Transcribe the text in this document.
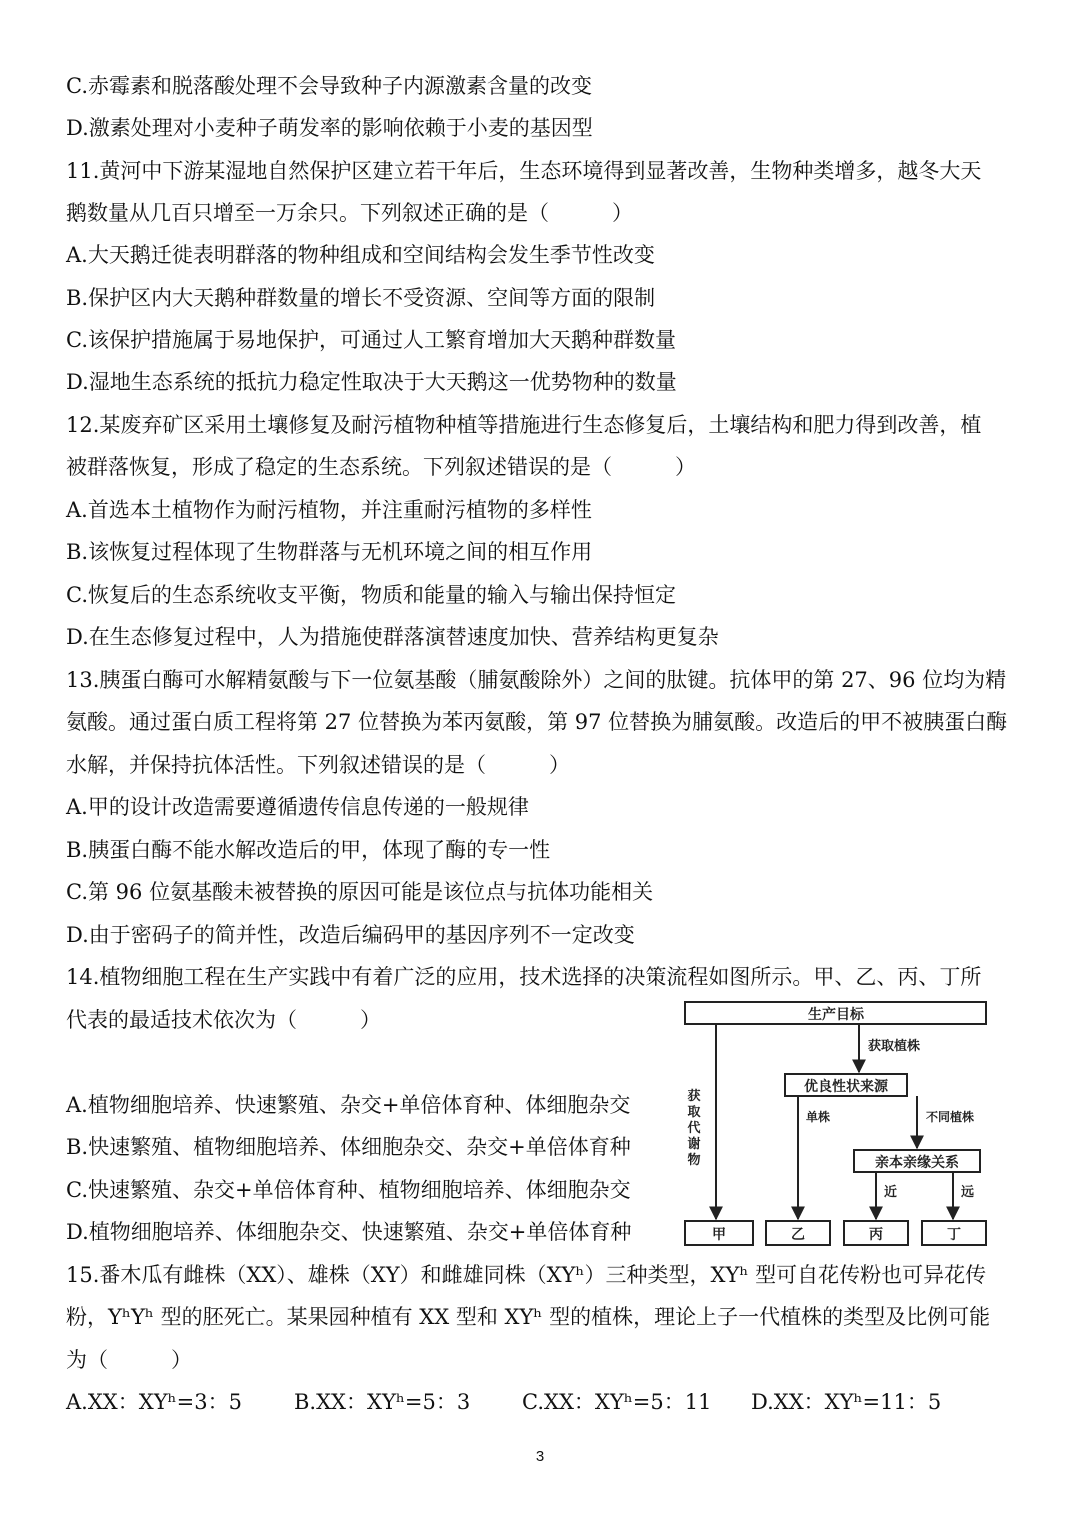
C.赤霉素和脱落酸处理不会导致种子内源激素含量的改变
D.激素处理对小麦种子萌发率的影响依赖于小麦的基因型
11.黄河中下游某湿地自然保护区建立若干年后，生态环境得到显著改善，生物种类增多，越冬大天
鹅数量从几百只增至一万余只。下列叙述正确的是（　　　）
A.大天鹅迁徙表明群落的物种组成和空间结构会发生季节性改变
B.保护区内大天鹅种群数量的增长不受资源、空间等方面的限制
C.该保护措施属于易地保护，可通过人工繁育增加大天鹅种群数量
D.湿地生态系统的抵抗力稳定性取决于大天鹅这一优势物种的数量
12.某废弃矿区采用土壤修复及耐污植物种植等措施进行生态修复后，土壤结构和肥力得到改善，植
被群落恢复，形成了稳定的生态系统。下列叙述错误的是（　　　）
A.首选本土植物作为耐污植物，并注重耐污植物的多样性
B.该恢复过程体现了生物群落与无机环境之间的相互作用
C.恢复后的生态系统收支平衡，物质和能量的输入与输出保持恒定
D.在生态修复过程中，人为措施使群落演替速度加快、营养结构更复杂
13.胰蛋白酶可水解精氨酸与下一位氨基酸（脯氨酸除外）之间的肽键。抗体甲的第 27、96 位均为精
氨酸。通过蛋白质工程将第 27 位替换为苯丙氨酸，第 97 位替换为脯氨酸。改造后的甲不被胰蛋白酶
水解，并保持抗体活性。下列叙述错误的是（　　　）
A.甲的设计改造需要遵循遗传信息传递的一般规律
B.胰蛋白酶不能水解改造后的甲，体现了酶的专一性
C.第 96 位氨基酸未被替换的原因可能是该位点与抗体功能相关
D.由于密码子的简并性，改造后编码甲的基因序列不一定改变
14.植物细胞工程在生产实践中有着广泛的应用，技术选择的决策流程如图所示。甲、乙、丙、丁所
代表的最适技术依次为（　　　）
A.植物细胞培养、快速繁殖、杂交+单倍体育种、体细胞杂交
B.快速繁殖、植物细胞培养、体细胞杂交、杂交+单倍体育种
C.快速繁殖、杂交+单倍体育种、植物细胞培养、体细胞杂交
D.植物细胞培养、体细胞杂交、快速繁殖、杂交+单倍体育种
15.番木瓜有雌株（XX）、雄株（XY）和雌雄同株（XYʰ）三种类型，XYʰ 型可自花传粉也可异花传
粉，YʰYʰ 型的胚死亡。某果园种植有 XX 型和 XYʰ 型的植株，理论上子一代植株的类型及比例可能
为（　　　）
A.XX：XYʰ=3：5 B.XX：XYʰ=5：3 C.XX：XYʰ=5：11 D.XX：XYʰ=11：5
生产目标
获取植株
优良性状来源
单株	不同植株
亲本亲缘关系
近	远
获
取
代
谢
物
甲	乙	丙	丁
3
